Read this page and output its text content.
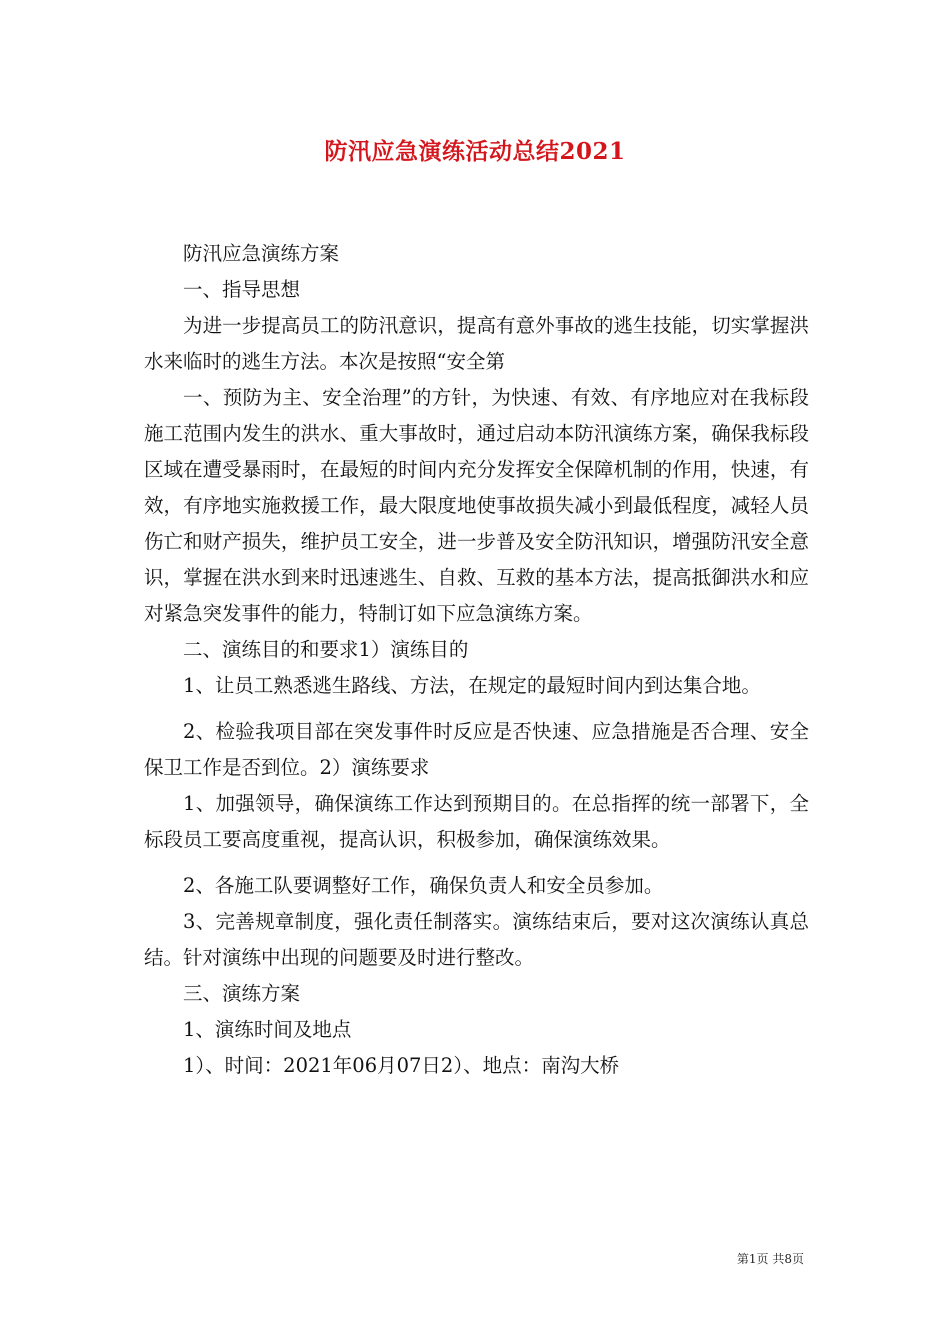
防汛应急演练活动总结2021

防汛应急演练方案

一、指导思想

为进一步提高员工的防汛意识，提高有意外事故的逃生技能，切实掌握洪水来临时的逃生方法。本次是按照“安全第

一、预防为主、安全治理”的方针，为快速、有效、有序地应对在我标段施工范围内发生的洪水、重大事故时，通过启动本防汛演练方案，确保我标段区域在遭受暴雨时，在最短的时间内充分发挥安全保障机制的作用，快速，有效，有序地实施救援工作，最大限度地使事故损失减小到最低程度，减轻人员伤亡和财产损失，维护员工安全，进一步普及安全防汛知识，增强防汛安全意识，掌握在洪水到来时迅速逃生、自救、互救的基本方法，提高抵御洪水和应对紧急突发事件的能力，特制订如下应急演练方案。

二、演练目的和要求1）演练目的

1、让员工熟悉逃生路线、方法，在规定的最短时间内到达集合地。

2、检验我项目部在突发事件时反应是否快速、应急措施是否合理、安全保卫工作是否到位。2）演练要求

1、加强领导，确保演练工作达到预期目的。在总指挥的统一部署下，全标段员工要高度重视，提高认识，积极参加，确保演练效果。

2、各施工队要调整好工作，确保负责人和安全员参加。

3、完善规章制度，强化责任制落实。演练结束后，要对这次演练认真总结。针对演练中出现的问题要及时进行整改。

三、演练方案

1、演练时间及地点

1）、时间：2021年06月07日2）、地点：南沟大桥

第1页 共8页
